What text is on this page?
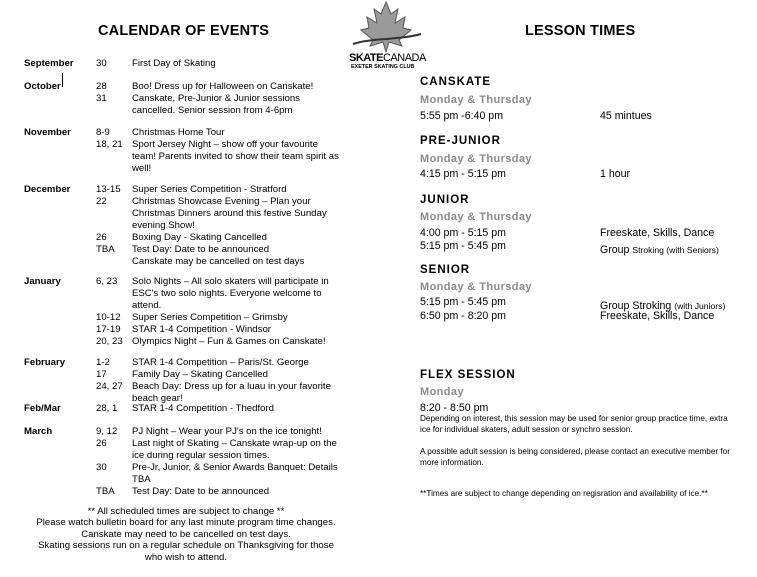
CALENDAR OF EVENTS
September 30	First Day of Skating
October	28	Boo! Dress up for Halloween on Canskate!
31	Canskate, Pre-Junior & Junior sessions
cancelled. Senior session from 4-6pm
November	8-9 Christmas Home Tour
18, 21 Sport Jersey Night – show off your favourite
team! Parents invited to show their team spirit as
well!
December	13-15 Super Series Competition - Stratford
22	Christmas Showcase Evening – Plan your
Christmas Dinners around this festive Sunday
evening Show!
26	Boxing Day - Skating Cancelled
TBA Test Day: Date to be announced
Canskate may be cancelled on test days
January	6, 23 Solo Nights – All solo skaters will participate in
ESC's two solo nights. Everyone welcome to
attend.
10-12 Super Series Competition – Grimsby
17-19 STAR 1-4 Competition - Windsor
20, 23 Olympics Night – Fun & Games on Canskate!
February	1-2 STAR 1-4 Competition – Paris/St. George
17	Family Day – Skating Cancelled
24, 27 Beach Day: Dress up for a luau in your favorite
beach gear!
Feb/Mar	28, 1 STAR 1-4 Competition - Thedford
March	9, 12 PJ Night – Wear your PJ's on the ice tonight!
26	Last night of Skating – Canskate wrap-up on the
ice during regular session times.
30	Pre-Jr, Junior, & Senior Awards Banquet: Details
TBA
TBA Test Day: Date to be announced
** All scheduled times are subject to change **
Please watch bulletin board for any last minute program time changes.
Canskate may need to be cancelled on test days.
Skating sessions run on a regular schedule on Thanksgiving for those
who wish to attend.
SKATECANADA
EXETER SKATING CLUB
LESSON TIMES
CANSKATE
Monday & Thursday
5:55 pm -6:40 pm	45 mintues
PRE-JUNIOR
Monday & Thursday
4:15 pm - 5:15 pm	1 hour
JUNIOR
Monday & Thursday
4:00 pm - 5:15 pm	Freeskate, Skills, Dance
5:15 pm - 5:45 pm	Group Stroking (with Seniors)
SENIOR
Monday & Thursday
5:15 pm - 5:45 pm	Group Stroking (with Juniors)
6:50 pm - 8:20 pm	Freeskate, Skills, Dance
FLEX SESSION
Monday
8:20 - 8:50 pm
Depending on interest, this session may be used for senior group practice time, extra ice for individual skaters, adult session or synchro session.
A possible adult session is being considered, please contact an executive member for more information.
**Times are subject to change depending on regisration and availability of ice.**
